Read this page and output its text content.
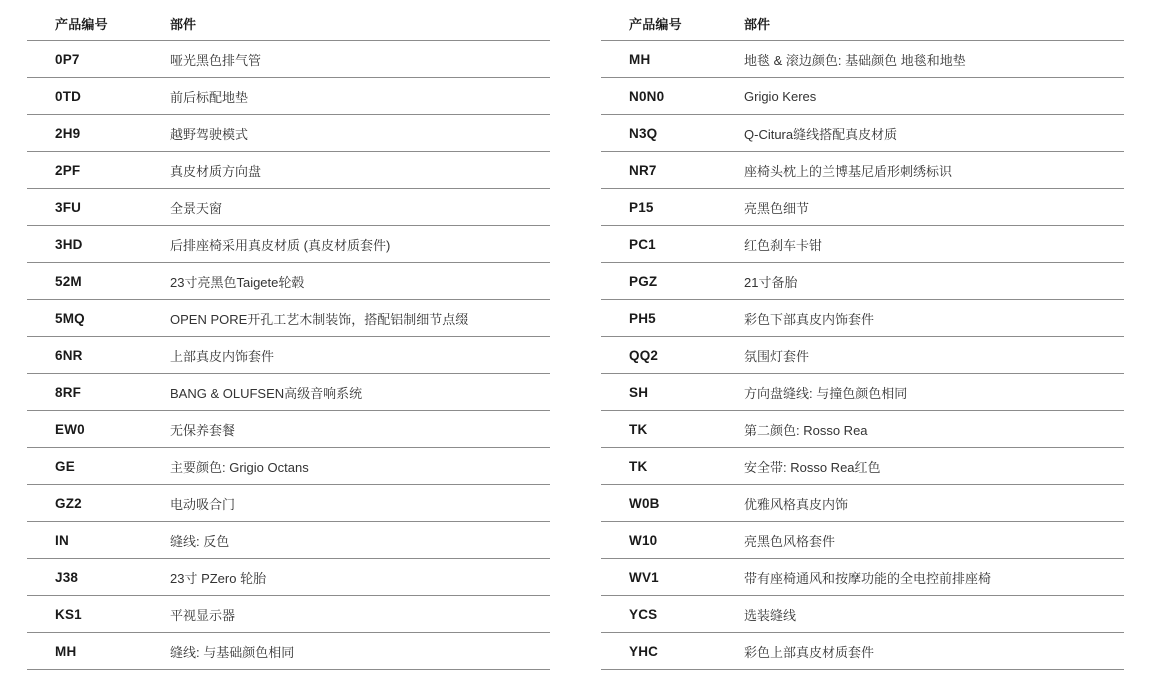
产品编号	部件
0P7	哑光黑色排气管
0TD	前后标配地垫
2H9	越野驾驶模式
2PF	真皮材质方向盘
3FU	全景天窗
3HD	后排座椅采用真皮材质 (真皮材质套件)
52M	23寸亮黑色Taigete轮毂
5MQ	OPEN PORE开孔工艺木制装饰，搭配铝制细节点缀
6NR	上部真皮内饰套件
8RF	BANG & OLUFSEN高级音响系统
EW0	无保养套餐
GE	主要颜色: Grigio Octans
GZ2	电动吸合门
IN	缝线: 反色
J38	23寸 PZero 轮胎
KS1	平视显示器
MH	缝线: 与基础颜色相同
产品编号	部件
MH	地毯 & 滚边颜色: 基础颜色 地毯和地垫
N0N0	Grigio Keres
N3Q	Q-Citura缝线搭配真皮材质
NR7	座椅头枕上的兰博基尼盾形刺绣标识
P15	亮黑色细节
PC1	红色刹车卡钳
PGZ	21寸备胎
PH5	彩色下部真皮内饰套件
QQ2	氛围灯套件
SH	方向盘缝线: 与撞色颜色相同
TK	第二颜色: Rosso Rea
TK	安全带: Rosso Rea红色
W0B	优雅风格真皮内饰
W10	亮黑色风格套件
WV1	带有座椅通风和按摩功能的全电控前排座椅
YCS	选装缝线
YHC	彩色上部真皮材质套件
